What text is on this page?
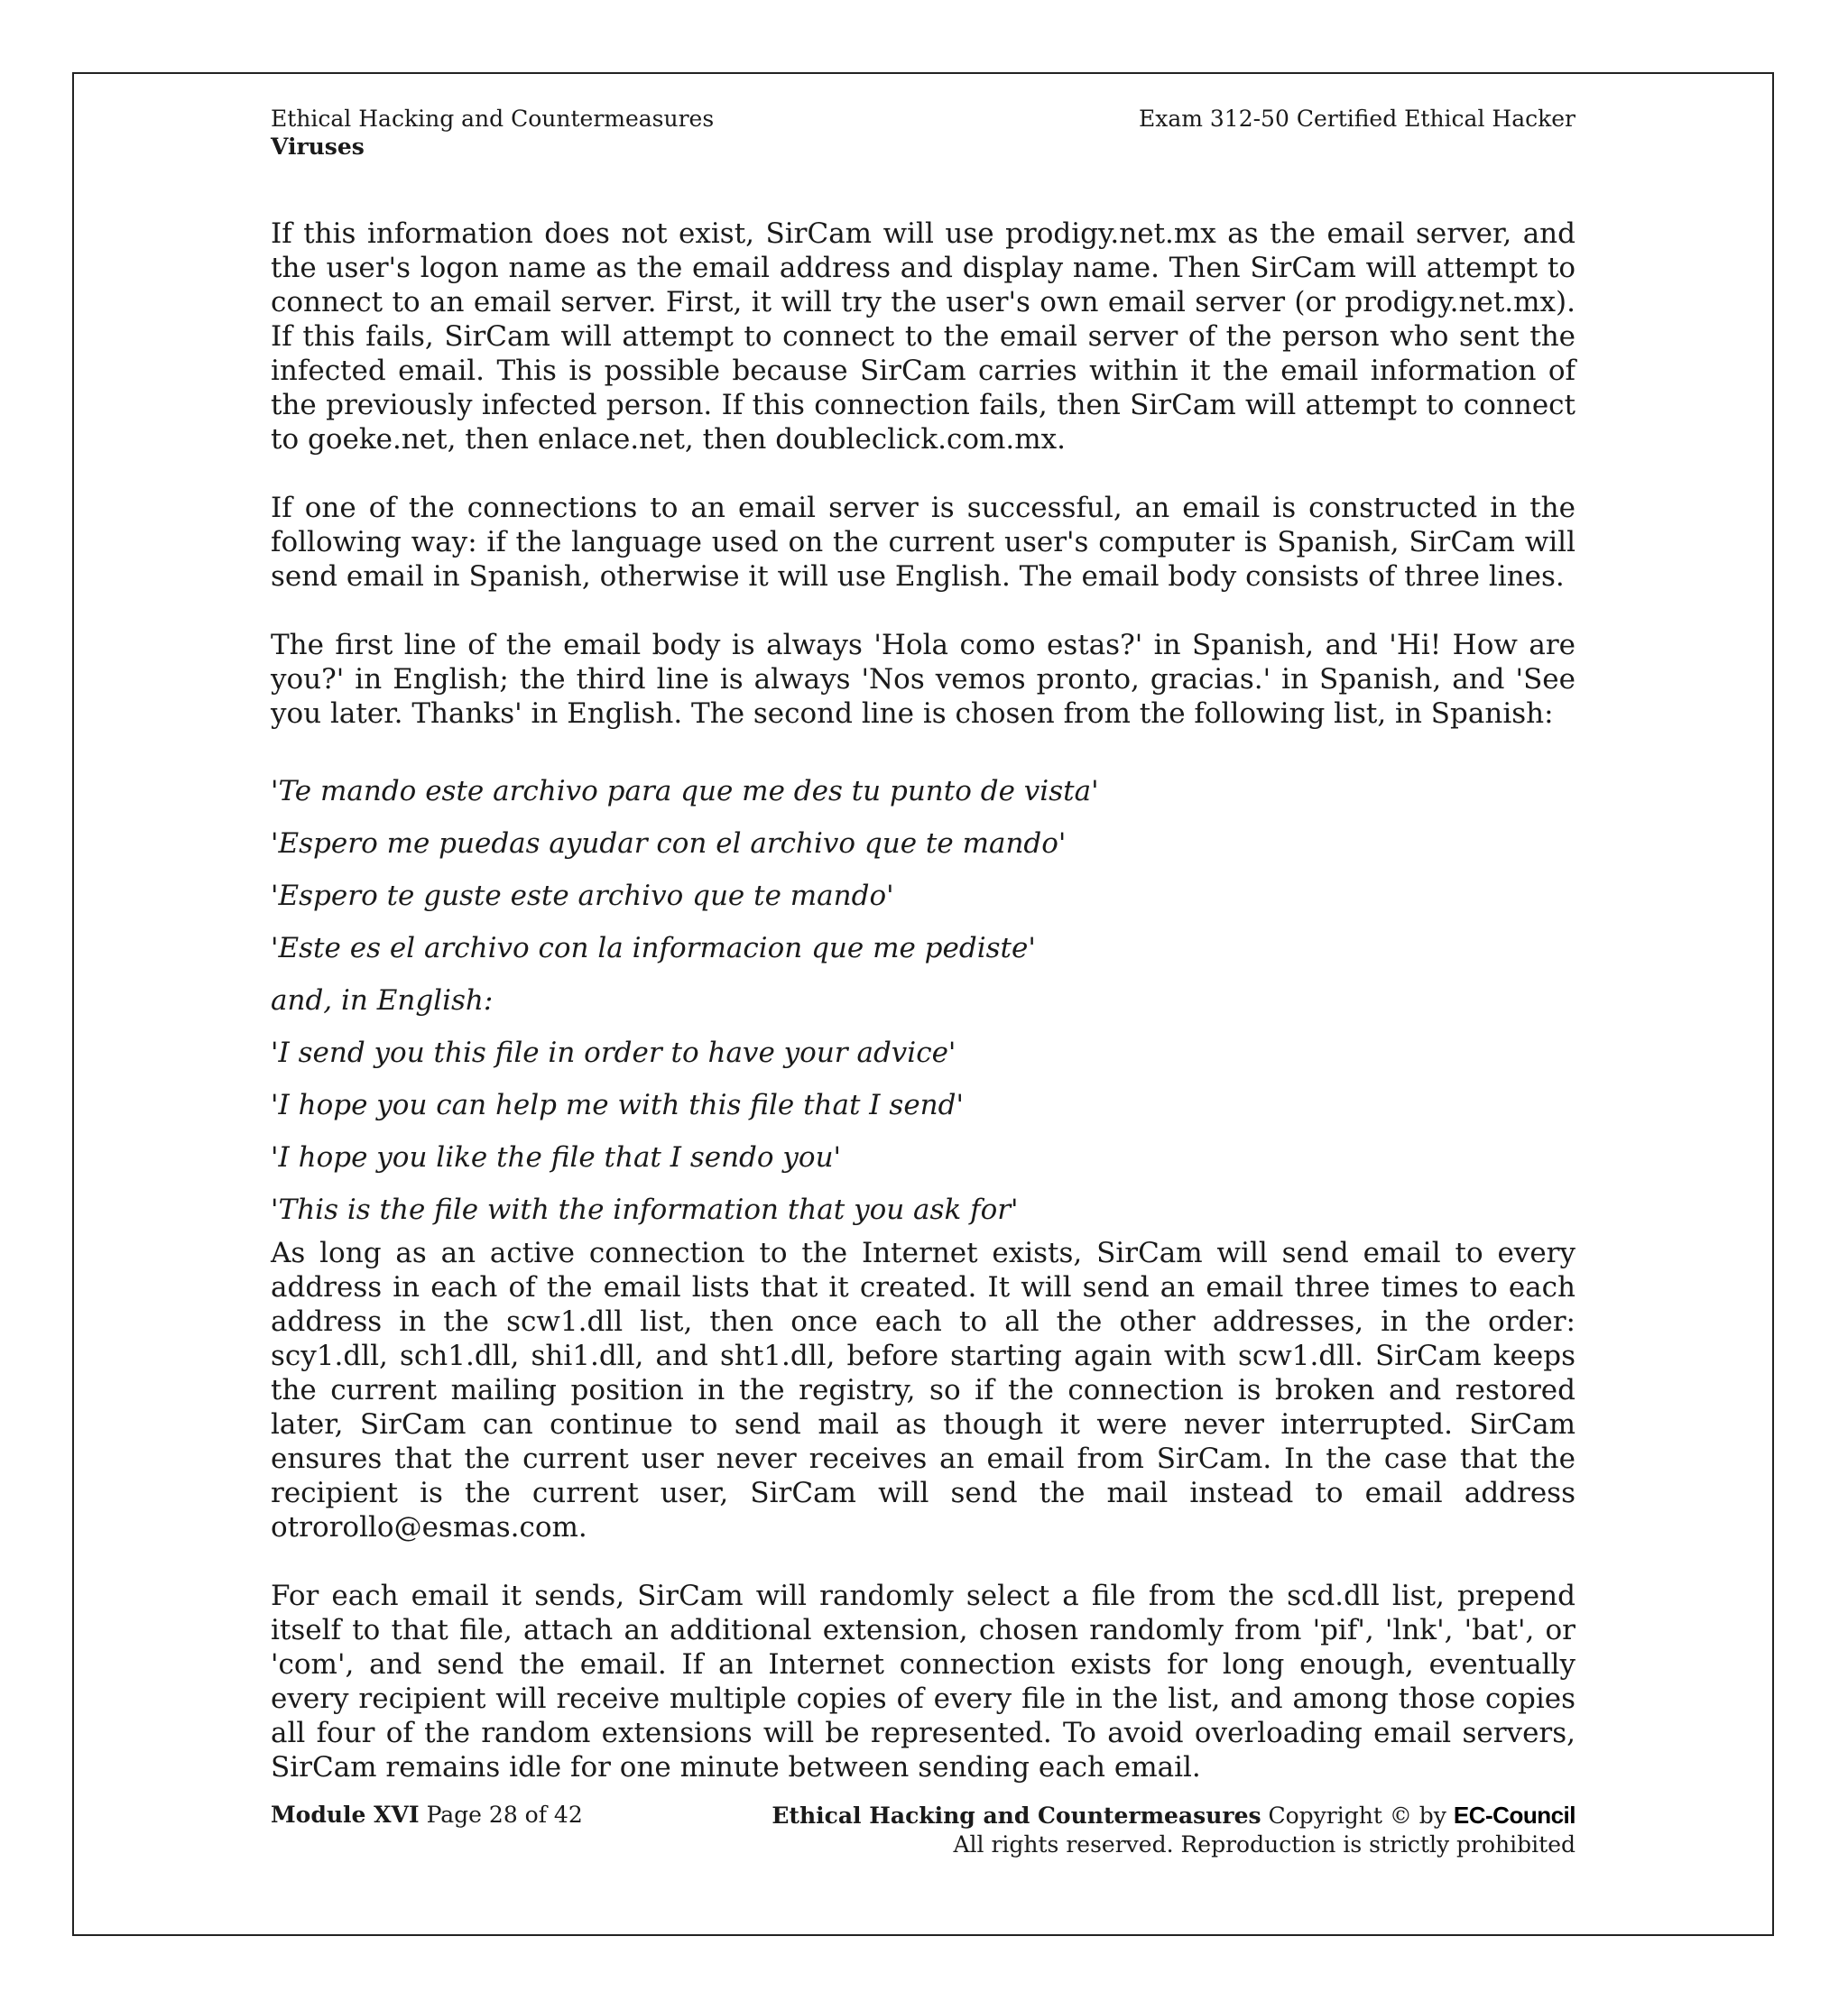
Ethical Hacking and Countermeasures
Viruses
Exam 312-50 Certified Ethical Hacker

If this information does not exist, SirCam will use prodigy.net.mx as the email server, and the user's logon name as the email address and display name. Then SirCam will attempt to connect to an email server. First, it will try the user's own email server (or prodigy.net.mx). If this fails, SirCam will attempt to connect to the email server of the person who sent the infected email. This is possible because SirCam carries within it the email information of the previously infected person. If this connection fails, then SirCam will attempt to connect to goeke.net, then enlace.net, then doubleclick.com.mx.

If one of the connections to an email server is successful, an email is constructed in the following way: if the language used on the current user's computer is Spanish, SirCam will send email in Spanish, otherwise it will use English. The email body consists of three lines.

The first line of the email body is always 'Hola como estas?' in Spanish, and 'Hi! How are you?' in English; the third line is always 'Nos vemos pronto, gracias.' in Spanish, and 'See you later. Thanks' in English. The second line is chosen from the following list, in Spanish:

'Te mando este archivo para que me des tu punto de vista'
'Espero me puedas ayudar con el archivo que te mando'
'Espero te guste este archivo que te mando'
'Este es el archivo con la informacion que me pediste'
and, in English:
'I send you this file in order to have your advice'
'I hope you can help me with this file that I send'
'I hope you like the file that I sendo you'
'This is the file with the information that you ask for'

As long as an active connection to the Internet exists, SirCam will send email to every address in each of the email lists that it created. It will send an email three times to each address in the scw1.dll list, then once each to all the other addresses, in the order: scy1.dll, sch1.dll, shi1.dll, and sht1.dll, before starting again with scw1.dll. SirCam keeps the current mailing position in the registry, so if the connection is broken and restored later, SirCam can continue to send mail as though it were never interrupted. SirCam ensures that the current user never receives an email from SirCam. In the case that the recipient is the current user, SirCam will send the mail instead to email address otrorollo@esmas.com.

For each email it sends, SirCam will randomly select a file from the scd.dll list, prepend itself to that file, attach an additional extension, chosen randomly from 'pif', 'lnk', 'bat', or 'com', and send the email. If an Internet connection exists for long enough, eventually every recipient will receive multiple copies of every file in the list, and among those copies all four of the random extensions will be represented. To avoid overloading email servers, SirCam remains idle for one minute between sending each email.

Module XVI Page 28 of 42	Ethical Hacking and Countermeasures Copyright © by EC-Council
All rights reserved. Reproduction is strictly prohibited
